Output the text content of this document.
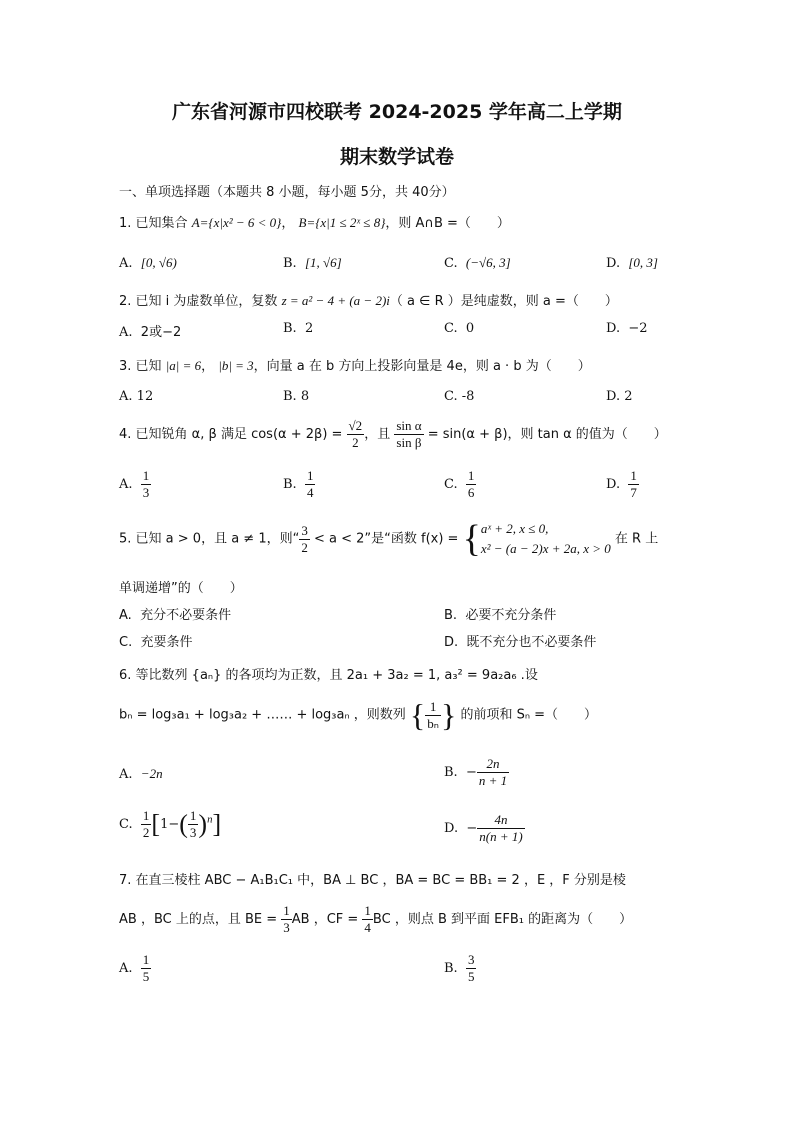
广东省河源市四校联考 2024-2025 学年高二上学期
期末数学试卷
一、单项选择题（本题共 8 小题，每小题 5分，共 40分）
1. 已知集合 A={x|x² − 6 < 0}， B={x|1 ≤ 2ˣ ≤ 8}，则 A∩B =（　　）
A. [0, √6)	B. [1, √6]	C. (−√6, 3]	D. [0, 3]
2. 已知 i 为虚数单位，复数 z = a² − 4 + (a − 2)i（ a ∈ R ）是纯虚数，则 a =（　　）
A. 2或−2	B. 2	C. 0	D. −2
3. 已知 |a| = 6， |b| = 3，向量 a 在 b 方向上投影向量是 4e，则 a · b 为（　　）
A. 12	B. 8	C. -8	D. 2
4. 已知锐角 α, β 满足 $\cos(\alpha + 2\beta) = \frac{√2}{2}$ ，且 $\frac{\text{sin α}}{\text{sin β}} = \sin(\alpha + \beta)$，则 tan α 的值为（　　）
A. $\frac{1}{3}$	B. $\frac{1}{4}$	C. $\frac{1}{6}$	D. $\frac{1}{7}$
5. 已知 a > 0，且 a ≠ 1，则“ $\frac{3}{2} < a < 2$”是“函数 f(x) = { aˣ + 2, x ≤ 0,
x² − (a − 2)x + 2a, x > 0
在 R 上
单调递增”的（　　）
A. 充分不必要条件	B. 必要不充分条件
C. 充要条件	D. 既不充分也不必要条件
6. 等比数列 {aₙ} 的各项均为正数，且 2a₁ + 3a₂ = 1, a₃² = 9a₂a₆ .设
bₙ = log₃a₁ + log₃a₂ + …… + log₃aₙ ，则数列 { $\frac{1}{\text{bₙ}}$ } 的前项和 Sₙ =（　　）
A. −2n	B. − $\frac{2n}{n + 1}$
C. $\frac{1}{2} [1-( \frac{1}{3} )^n]$	D. − $\frac{4n}{n(n + 1)}$
7. 在直三棱柱 ABC − A₁B₁C₁ 中，BA ⊥ BC ，BA = BC = BB₁ = 2 ，E ，F 分别是棱
AB ，BC 上的点，且 BE = $\frac{1}{3}$ AB ，CF = $\frac{1}{4}$ BC ，则点 B 到平面 EFB₁ 的距离为（　　）
A. $\frac{1}{5}$	B. $\frac{3}{5}$
